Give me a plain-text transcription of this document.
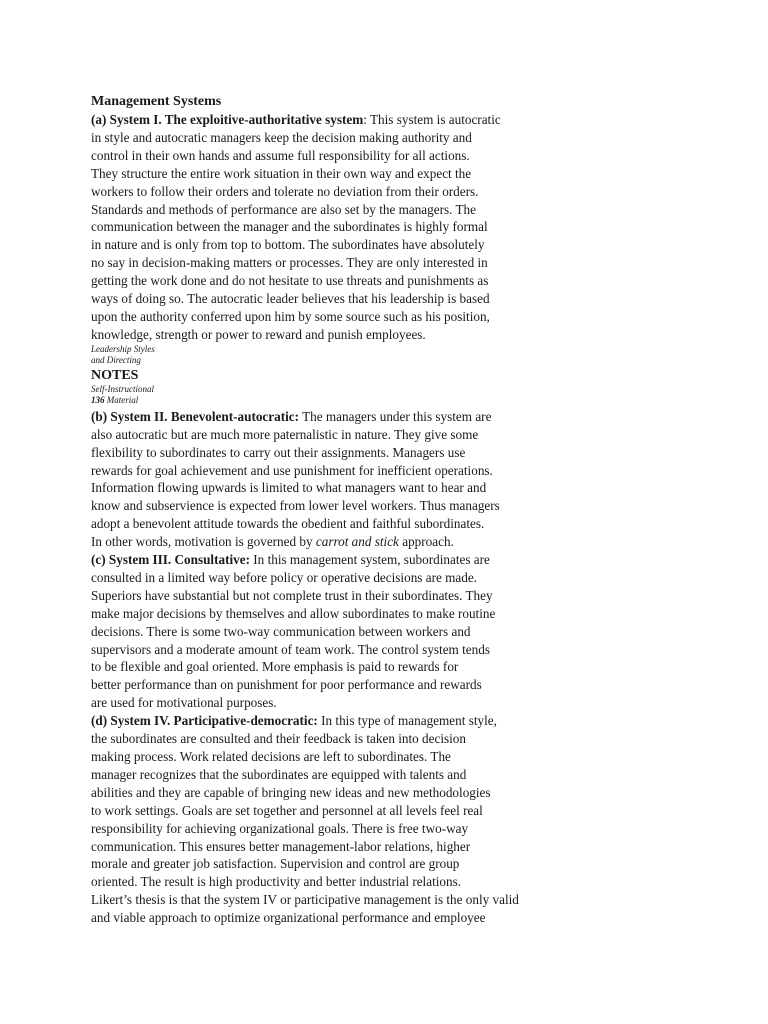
Management Systems
(a) System I. The exploitive-authoritative system: This system is autocratic
in style and autocratic managers keep the decision making authority and
control in their own hands and assume full responsibility for all actions.
They structure the entire work situation in their own way and expect the
workers to follow their orders and tolerate no deviation from their orders.
Standards and methods of performance are also set by the managers. The
communication between the manager and the subordinates is highly formal
in nature and is only from top to bottom. The subordinates have absolutely
no say in decision-making matters or processes. They are only interested in
getting the work done and do not hesitate to use threats and punishments as
ways of doing so. The autocratic leader believes that his leadership is based
upon the authority conferred upon him by some source such as his position,
knowledge, strength or power to reward and punish employees.
Leadership Styles
and Directing
NOTES
Self-Instructional
136 Material
(b) System II. Benevolent-autocratic: The managers under this system are
also autocratic but are much more paternalistic in nature. They give some
flexibility to subordinates to carry out their assignments. Managers use
rewards for goal achievement and use punishment for inefficient operations.
Information flowing upwards is limited to what managers want to hear and
know and subservience is expected from lower level workers. Thus managers
adopt a benevolent attitude towards the obedient and faithful subordinates.
In other words, motivation is governed by carrot and stick approach.
(c) System III. Consultative: In this management system, subordinates are
consulted in a limited way before policy or operative decisions are made.
Superiors have substantial but not complete trust in their subordinates. They
make major decisions by themselves and allow subordinates to make routine
decisions. There is some two-way communication between workers and
supervisors and a moderate amount of team work. The control system tends
to be flexible and goal oriented. More emphasis is paid to rewards for
better performance than on punishment for poor performance and rewards
are used for motivational purposes.
(d) System IV. Participative-democratic: In this type of management style,
the subordinates are consulted and their feedback is taken into decision
making process. Work related decisions are left to subordinates. The
manager recognizes that the subordinates are equipped with talents and
abilities and they are capable of bringing new ideas and new methodologies
to work settings. Goals are set together and personnel at all levels feel real
responsibility for achieving organizational goals. There is free two-way
communication. This ensures better management-labor relations, higher
morale and greater job satisfaction. Supervision and control are group
oriented. The result is high productivity and better industrial relations.
Likert’s thesis is that the system IV or participative management is the only valid
and viable approach to optimize organizational performance and employee
